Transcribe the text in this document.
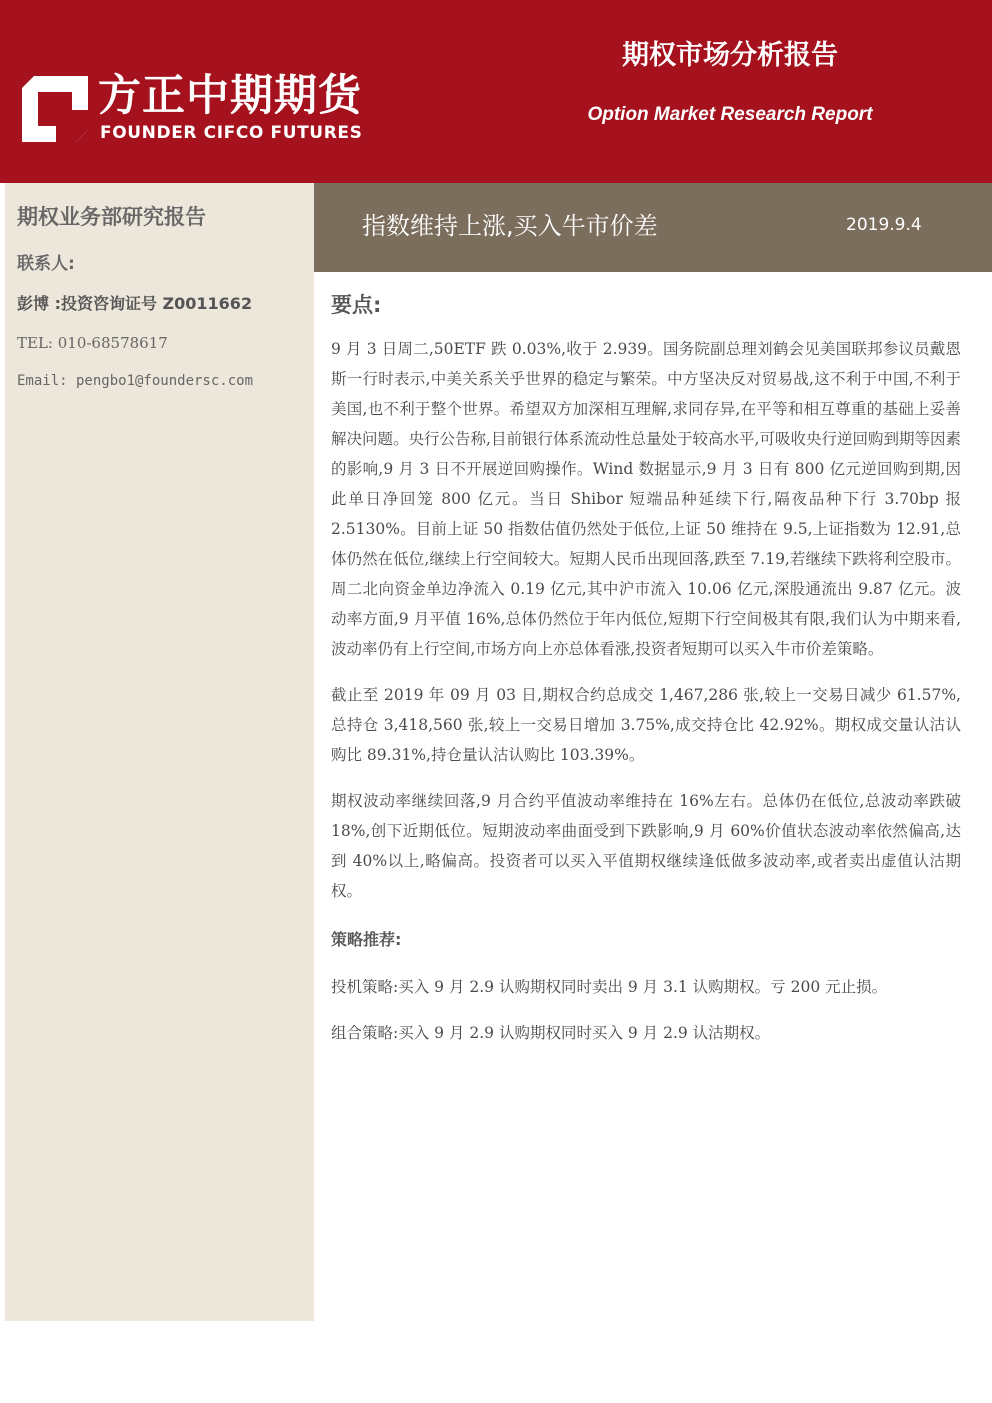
方正中期期货
FOUNDER CIFCO FUTURES
期权市场分析报告
Option Market Research Report
期权业务部研究报告
联系人:
彭博 :投资咨询证号 Z0011662
TEL: 010-68578617
Email: pengbo1@foundersc.com
指数维持上涨,买入牛市价差	2019.9.4
要点:

9 月 3 日周二,50ETF 跌 0.03%,收于 2.939。国务院副总理刘鹤会见美国联邦参议员戴恩斯一行时表示,中美关系关乎世界的稳定与繁荣。中方坚决反对贸易战,这不利于中国,不利于美国,也不利于整个世界。希望双方加深相互理解,求同存异,在平等和相互尊重的基础上妥善解决问题。央行公告称,目前银行体系流动性总量处于较高水平,可吸收央行逆回购到期等因素的影响,9 月 3 日不开展逆回购操作。Wind 数据显示,9 月 3 日有 800 亿元逆回购到期,因此单日净回笼 800 亿元。当日 Shibor 短端品种延续下行,隔夜品种下行 3.70bp 报 2.5130%。目前上证 50 指数估值仍然处于低位,上证 50 维持在 9.5,上证指数为 12.91,总体仍然在低位,继续上行空间较大。短期人民币出现回落,跌至 7.19,若继续下跌将利空股市。周二北向资金单边净流入 0.19 亿元,其中沪市流入 10.06 亿元,深股通流出 9.87 亿元。波动率方面,9 月平值 16%,总体仍然位于年内低位,短期下行空间极其有限,我们认为中期来看,波动率仍有上行空间,市场方向上亦总体看涨,投资者短期可以买入牛市价差策略。

截止至 2019 年 09 月 03 日,期权合约总成交 1,467,286 张,较上一交易日减少 61.57%,总持仓 3,418,560 张,较上一交易日增加 3.75%,成交持仓比 42.92%。期权成交量认沽认购比 89.31%,持仓量认沽认购比 103.39%。

期权波动率继续回落,9 月合约平值波动率维持在 16%左右。总体仍在低位,总波动率跌破 18%,创下近期低位。短期波动率曲面受到下跌影响,9 月 60%价值状态波动率依然偏高,达到 40%以上,略偏高。投资者可以买入平值期权继续逢低做多波动率,或者卖出虚值认沽期权。

策略推荐:
投机策略:买入 9 月 2.9 认购期权同时卖出 9 月 3.1 认购期权。亏 200 元止损。
组合策略:买入 9 月 2.9 认购期权同时买入 9 月 2.9 认沽期权。
